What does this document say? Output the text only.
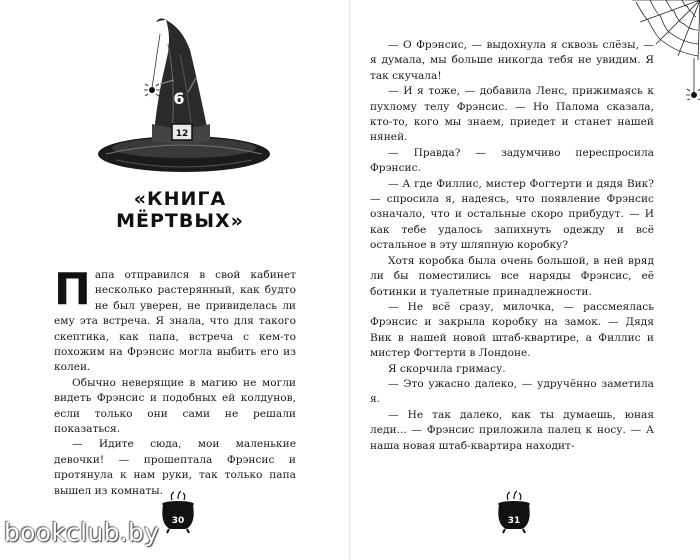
12
6
«КНИГА МЁРТВЫХ»

Папа отправился в свой кабинет несколько растерянный, как будто не был уверен, не привиделась ли ему эта встреча. Я знала, что для такого скептика, как папа, встреча с кем-то похожим на Фрэнсис могла выбить его из колеи.

Обычно неверящие в магию не могли видеть Фрэнсис и подобных ей колдунов, если только они сами не решали показаться.

— Идите сюда, мои маленькие девочки! — прошептала Фрэнсис и протянула к нам руки, так только папа вышел из комнаты.

30

— О Фрэнсис, — выдохнула я сквозь слёзы, — я думала, мы больше никогда тебя не увидим. Я так скучала!

— И я тоже, — добавила Ленс, прижимаясь к пухлому телу Фрэнсис. — Но Палома сказала, кто-то, кого мы знаем, приедет и станет нашей няней.

— Правда? — задумчиво переспросила Фрэнсис.

— А где Филлис, мистер Фогтерти и дядя Вик? — спросила я, надеясь, что появление Фрэнсис означало, что и остальные скоро прибудут. — И как тебе удалось запихнуть одежду и всё остальное в эту шляпную коробку?

Хотя коробка была очень большой, в ней вряд ли бы поместились все наряды Фрэнсис, её ботинки и туалетные принадлежности.

— Не всё сразу, милочка, — рассмеялась Фрэнсис и закрыла коробку на замок. — Дядя Вик в нашей новой штаб-квартире, а Филлис и мистер Фогтерти в Лондоне.

Я скорчила гримасу.

— Это ужасно далеко, — удручённо заметила я.

— Не так далеко, как ты думаешь, юная леди... — Фрэнсис приложила палец к носу. — А наша новая штаб-квартира находит-

31
bookclub.by
